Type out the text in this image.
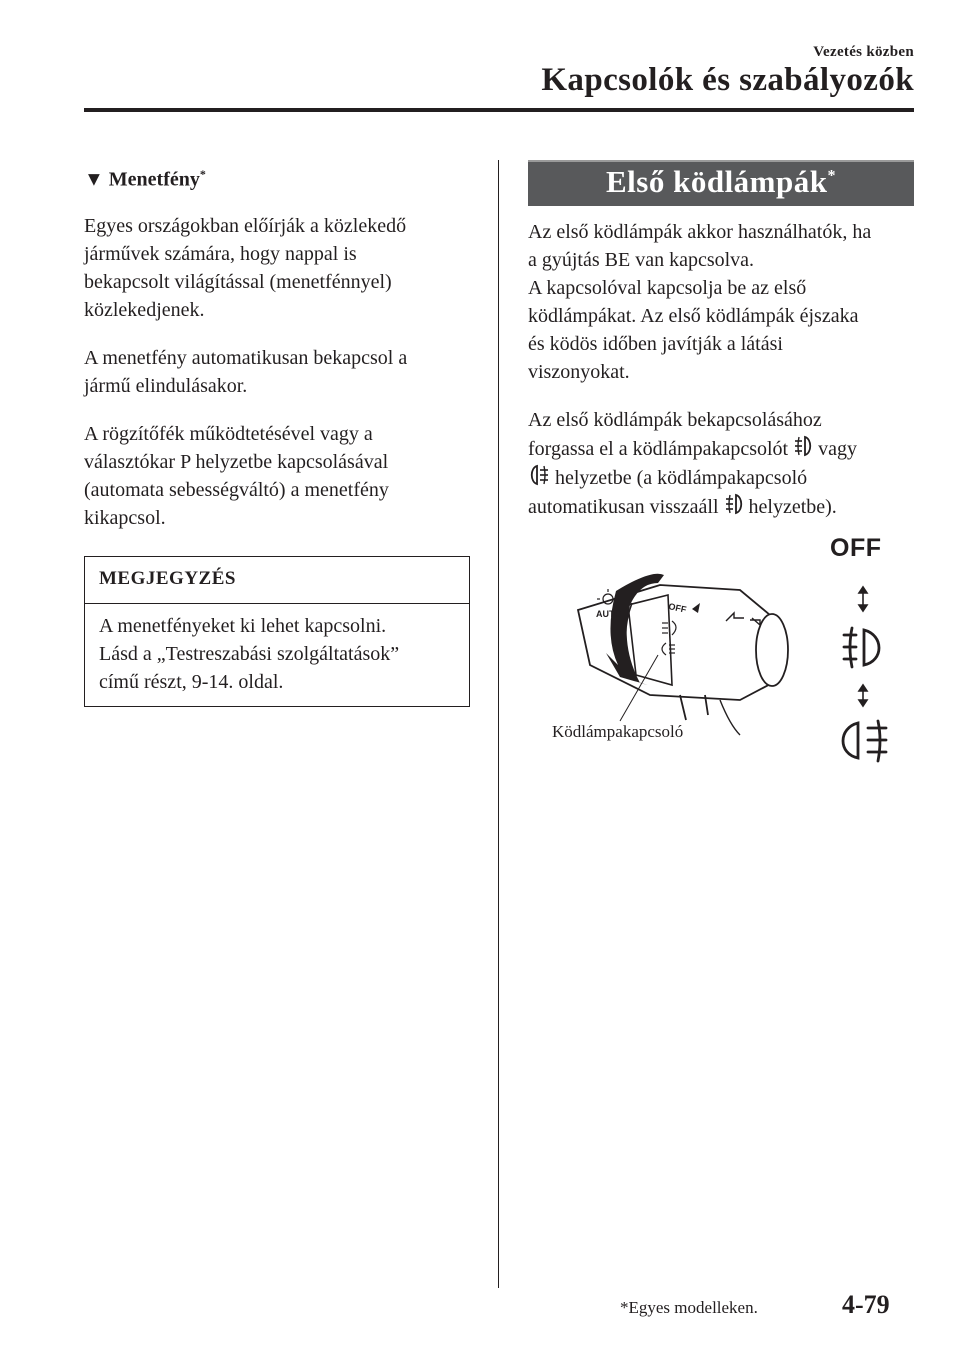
Vezetés közben
Kapcsolók és szabályozók
▼ Menetfény*

Egyes országokban előírják a közlekedő
járművek számára, hogy nappal is
bekapcsolt világítással (menetfénnyel)
közlekedjenek.

A menetfény automatikusan bekapcsol a
jármű elindulásakor.

A rögzítőfék működtetésével vagy a
választókar P helyzetbe kapcsolásával
(automata sebességváltó) a menetfény
kikapcsol.

MEGJEGYZÉS
A menetfényeket ki lehet kapcsolni.
Lásd a „Testreszabási szolgáltatások”
című részt, 9-14. oldal.
Első ködlámpák*

Az első ködlámpák akkor használhatók, ha
a gyújtás BE van kapcsolva.
A kapcsolóval kapcsolja be az első
ködlámpákat. Az első ködlámpák éjszaka
és ködös időben javítják a látási
viszonyokat.

Az első ködlámpák bekapcsolásához
forgassa el a ködlámpakapcsolót  vagy
helyzetbe (a ködlámpakapcsoló
automatikusan visszaáll  helyzetbe).

OFF
AUTO	OFF
Ködlámpakapcsoló
*Egyes modelleken.	4-79
